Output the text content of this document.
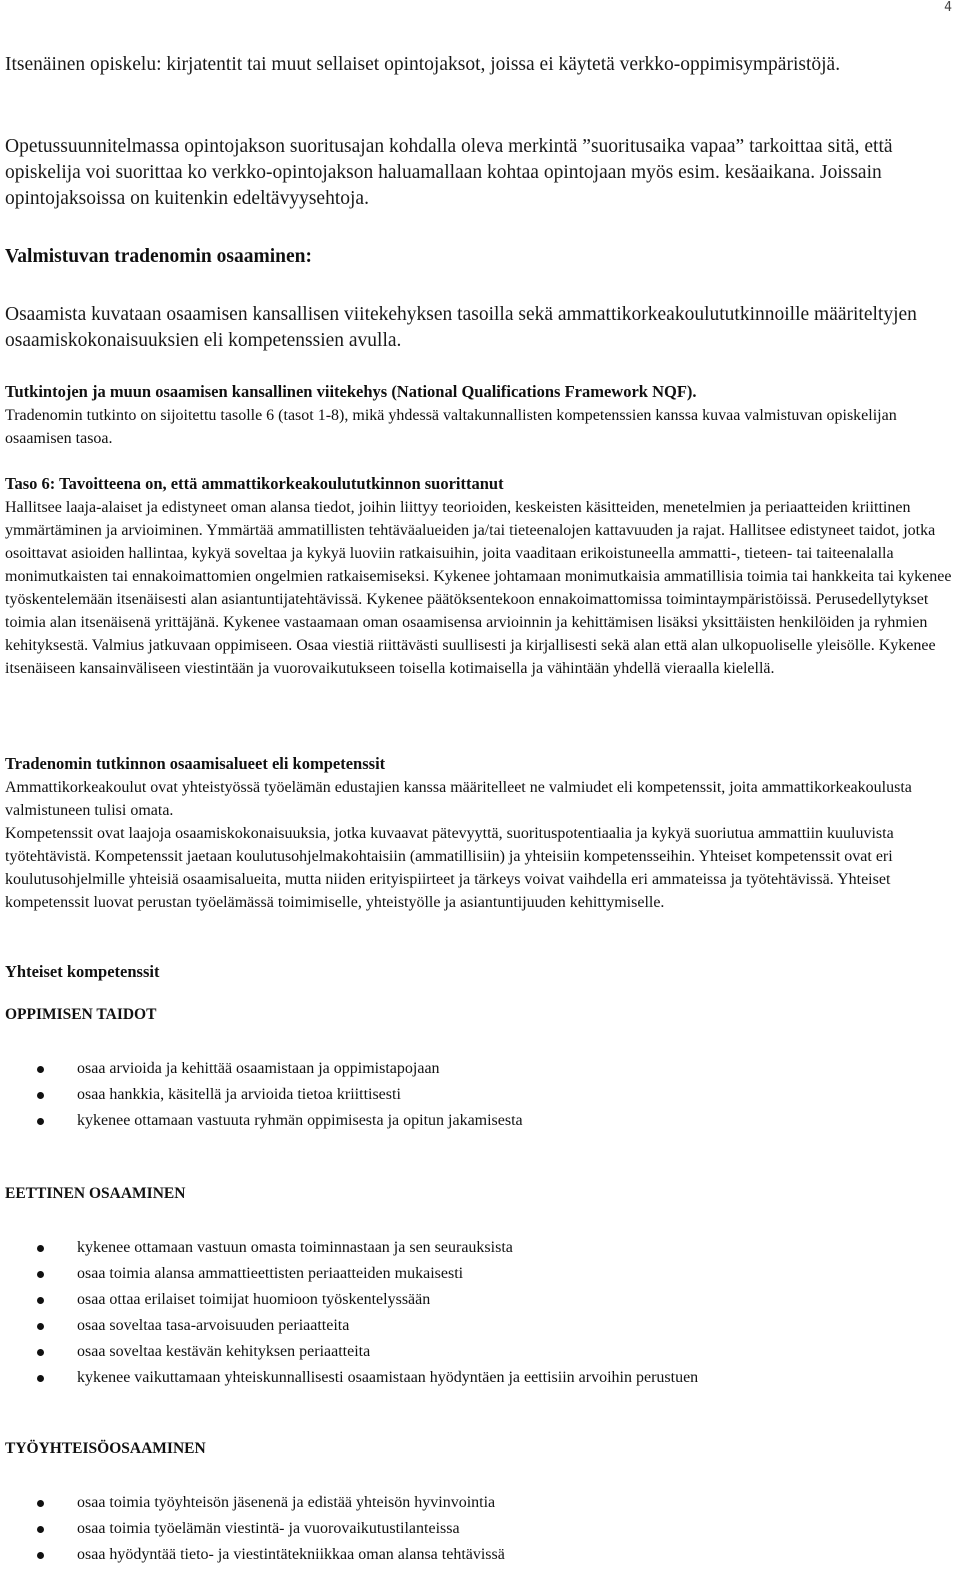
4

Itsenäinen opiskelu: kirjatentit tai muut sellaiset opintojaksot, joissa ei käytetä verkko-oppimisympäristöjä.

Opetussuunnitelmassa opintojakson suoritusajan kohdalla oleva merkintä ”suoritusaika vapaa” tarkoittaa sitä, että opiskelija voi suorittaa ko verkko-opintojakson haluamallaan kohtaa opintojaan myös esim. kesäaikana. Joissain opintojaksoissa on kuitenkin edeltävyysehtoja.

Valmistuvan tradenomin osaaminen:

Osaamista kuvataan osaamisen kansallisen viitekehyksen tasoilla sekä ammattikorkeakoulututkinnoille määriteltyjen osaamiskokonaisuuksien eli kompetenssien avulla.

Tutkintojen ja muun osaamisen kansallinen viitekehys (National Qualifications Framework NQF).

Tradenomin tutkinto on sijoitettu tasolle 6 (tasot 1-8), mikä yhdessä valtakunnallisten kompetenssien kanssa kuvaa valmistuvan opiskelijan osaamisen tasoa.

Taso 6: Tavoitteena on, että ammattikorkeakoulututkinnon suorittanut

Hallitsee laaja-alaiset ja edistyneet oman alansa tiedot, joihin liittyy teorioiden, keskeisten käsitteiden, menetelmien ja periaatteiden kriittinen ymmärtäminen ja arvioiminen. Ymmärtää ammatillisten tehtäväalueiden ja/tai tieteenalojen kattavuuden ja rajat. Hallitsee edistyneet taidot, jotka osoittavat asioiden hallintaa, kykyä soveltaa ja kykyä luoviin ratkaisuihin, joita vaaditaan erikoistuneella ammatti-, tieteen- tai taiteenalalla monimutkaisten tai ennakoimattomien ongelmien ratkaisemiseksi. Kykenee johtamaan monimutkaisia ammatillisia toimia tai hankkeita tai kykenee työskentelemään itsenäisesti alan asiantuntijatehtävissä. Kykenee päätöksentekoon ennakoimattomissa toimintaympäristöissä. Perusedellytykset toimia alan itsenäisenä yrittäjänä. Kykenee vastaamaan oman osaamisensa arvioinnin ja kehittämisen lisäksi yksittäisten henkilöiden ja ryhmien kehityksestä. Valmius jatkuvaan oppimiseen. Osaa viestiä riittävästi suullisesti ja kirjallisesti sekä alan että alan ulkopuoliselle yleisölle. Kykenee itsenäiseen kansainväliseen viestintään ja vuorovaikutukseen toisella kotimaisella ja vähintään yhdellä vieraalla kielellä.

Tradenomin tutkinnon osaamisalueet eli kompetenssit

Ammattikorkeakoulut ovat yhteistyössä työelämän edustajien kanssa määritelleet ne valmiudet eli kompetenssit, joita ammattikorkeakoulusta valmistuneen tulisi omata.

Kompetenssit ovat laajoja osaamiskokonaisuuksia, jotka kuvaavat pätevyyttä, suorituspotentiaalia ja kykyä suoriutua ammattiin kuuluvista työtehtävistä. Kompetenssit jaetaan koulutusohjelmakohtaisiin (ammatillisiin) ja yhteisiin kompetensseihin. Yhteiset kompetenssit ovat eri koulutusohjelmille yhteisiä osaamisalueita, mutta niiden erityispiirteet ja tärkeys voivat vaihdella eri ammateissa ja työtehtävissä. Yhteiset kompetenssit luovat perustan työelämässä toimimiselle, yhteistyölle ja asiantuntijuuden kehittymiselle.

Yhteiset kompetenssit

OPPIMISEN TAIDOT

osaa arvioida ja kehittää osaamistaan ja oppimistapojaan
osaa hankkia, käsitellä ja arvioida tietoa kriittisesti
kykenee ottamaan vastuuta ryhmän oppimisesta ja opitun jakamisesta

EETTINEN OSAAMINEN

kykenee ottamaan vastuun omasta toiminnastaan ja sen seurauksista
osaa toimia alansa ammattieettisten periaatteiden mukaisesti
osaa ottaa erilaiset toimijat huomioon työskentelyssään
osaa soveltaa tasa-arvoisuuden periaatteita
osaa soveltaa kestävän kehityksen periaatteita
kykenee vaikuttamaan yhteiskunnallisesti osaamistaan hyödyntäen ja eettisiin arvoihin perustuen

TYÖYHTEISÖOSAAMINEN

osaa toimia työyhteisön jäsenenä ja edistää yhteisön hyvinvointia
osaa toimia työelämän viestintä- ja vuorovaikutustilanteissa
osaa hyödyntää tieto- ja viestintätekniikkaa oman alansa tehtävissä
